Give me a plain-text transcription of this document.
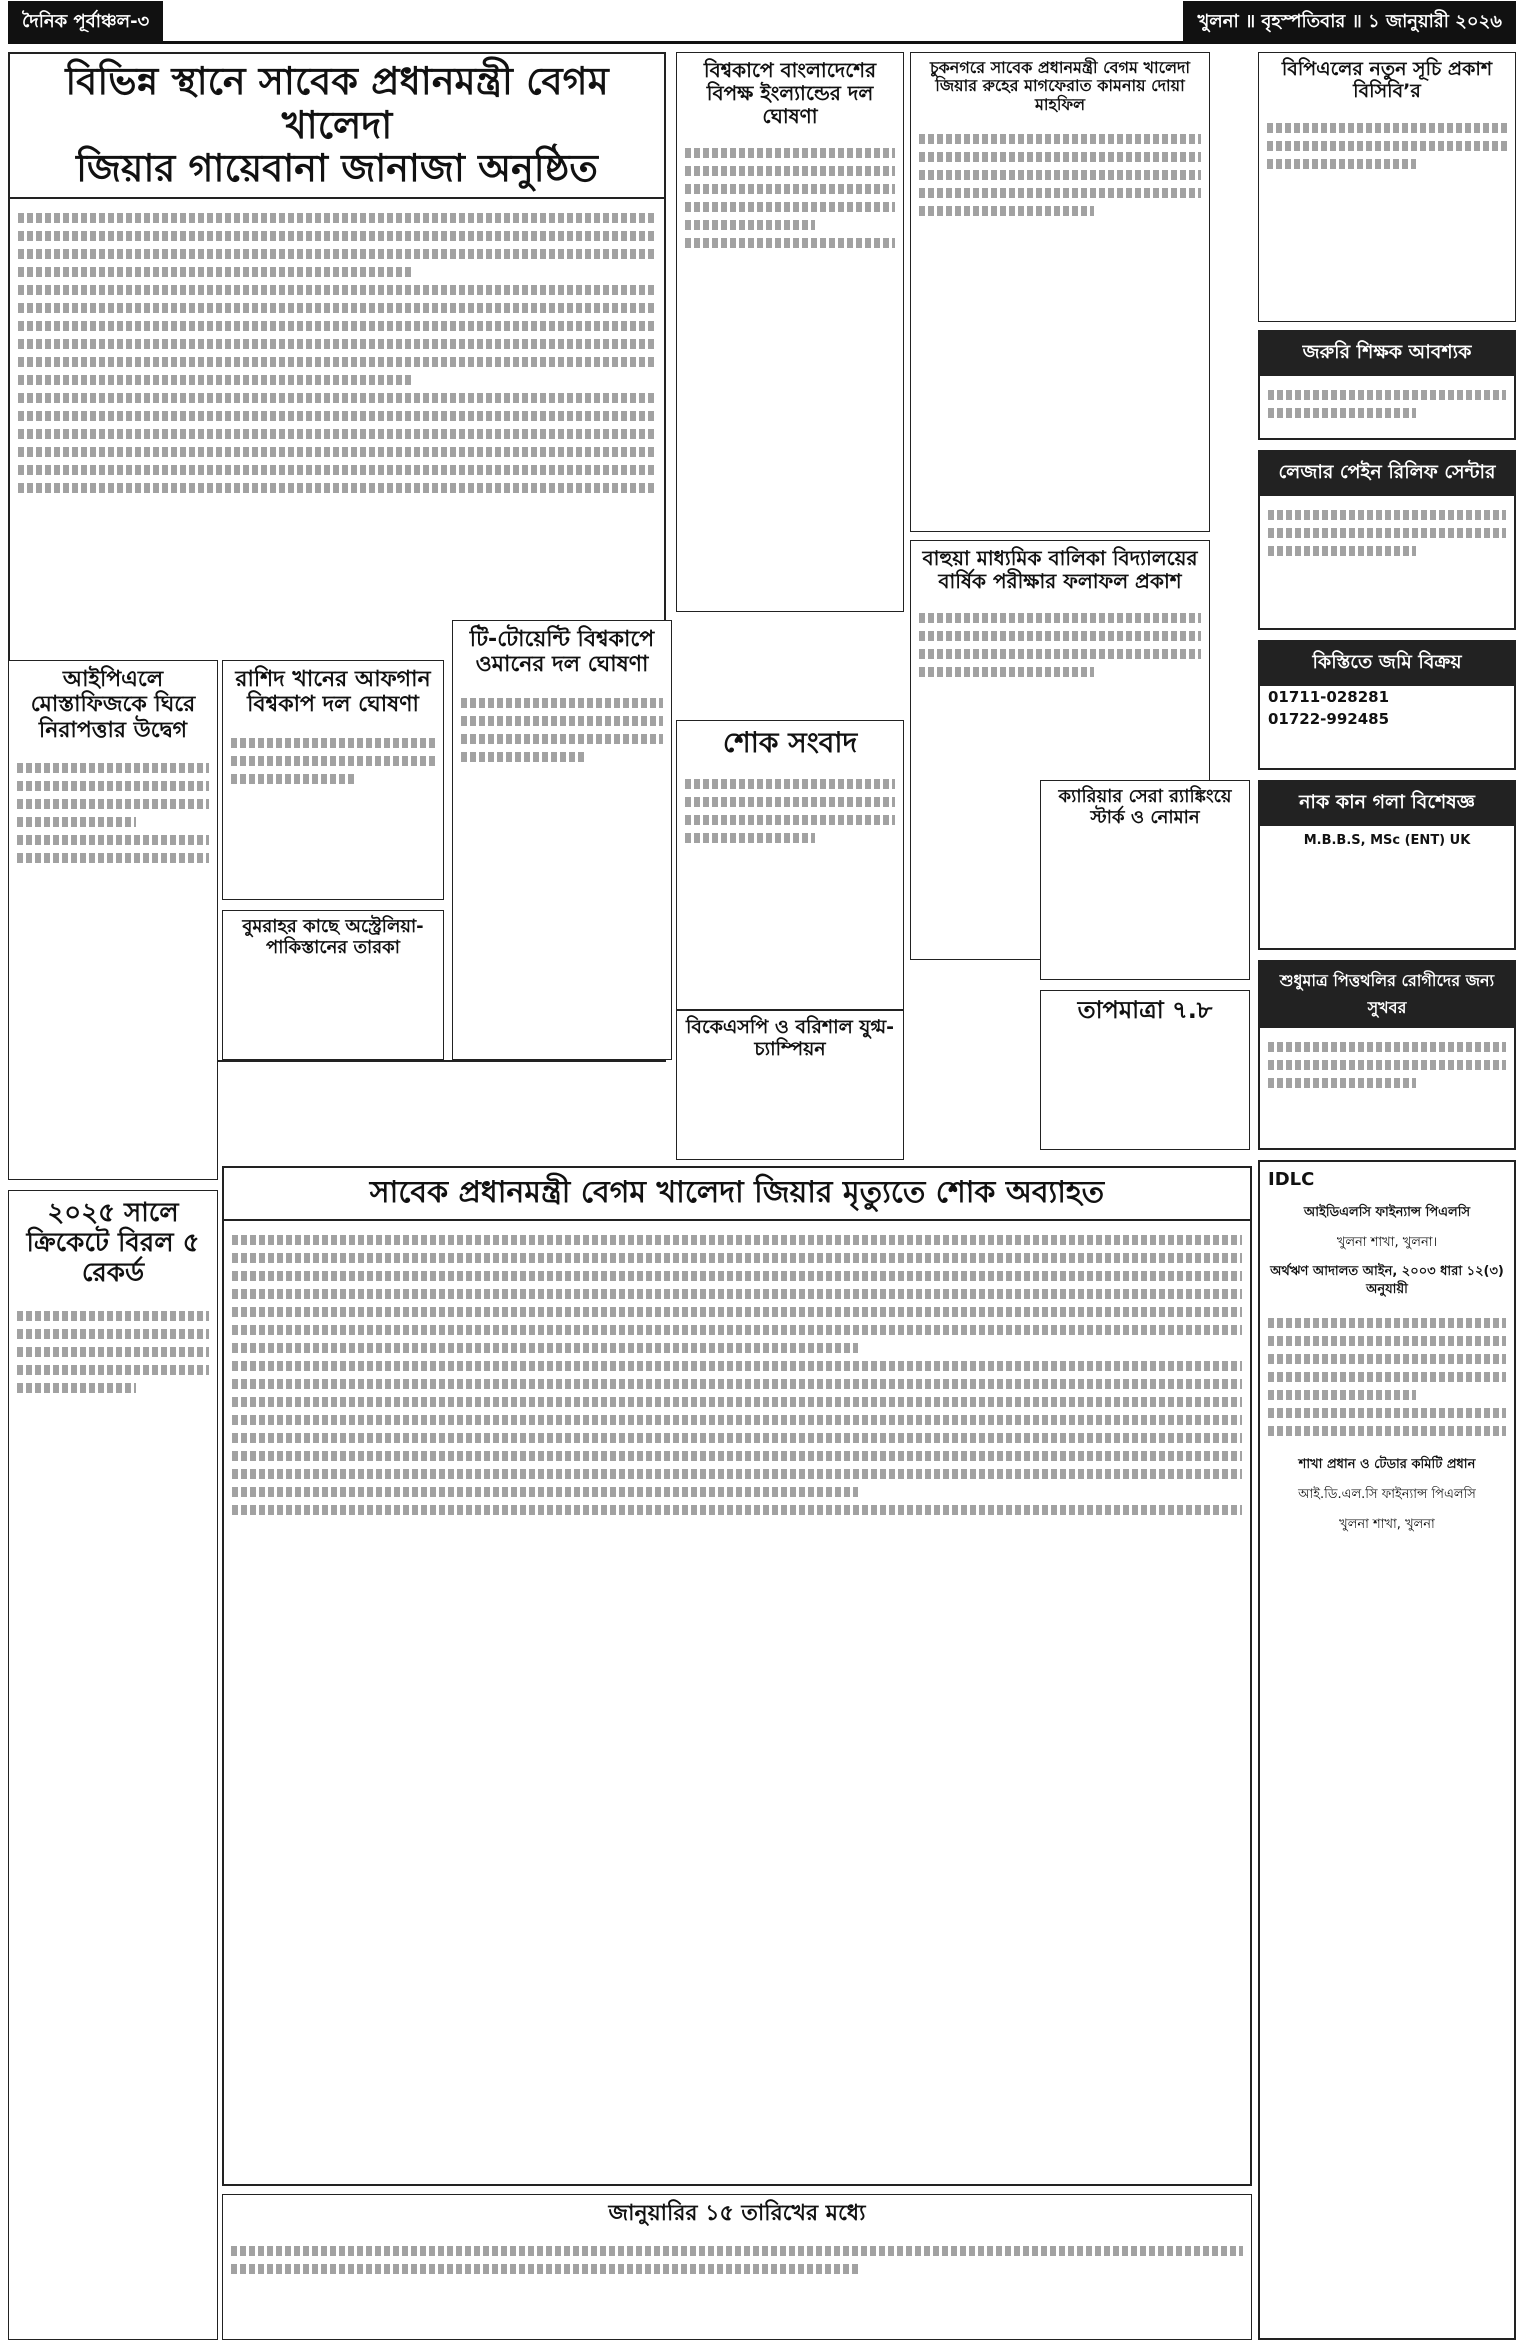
দৈনিক পূর্বাঞ্চল-৩	খুলনা ॥ বৃহস্পতিবার ॥ ১ জানুয়ারী ২০২৬
বিভিন্ন স্থানে সাবেক প্রধানমন্ত্রী বেগম খালেদা
জিয়ার গায়েবানা জানাজা অনুষ্ঠিত
আইপিএলে মোস্তাফিজকে ঘিরে নিরাপত্তার উদ্বেগ
রাশিদ খানের আফগান বিশ্বকাপ দল ঘোষণা
বুমরাহর কাছে অস্ট্রেলিয়া-পাকিস্তানের তারকা
বিশ্বকাপে বাংলাদেশের বিপক্ষ ইংল্যান্ডের দল ঘোষণা
টি-টোয়েন্টি বিশ্বকাপে ওমানের দল ঘোষণা
শোক সংবাদ
বিকেএসপি ও বরিশাল যুগ্ম-চ্যাম্পিয়ন
চুকনগরে সাবেক প্রধানমন্ত্রী বেগম খালেদা জিয়ার রুহের মাগফেরাত কামনায় দোয়া মাহফিল
বাহুয়া মাধ্যমিক বালিকা বিদ্যালয়ের বার্ষিক পরীক্ষার ফলাফল প্রকাশ
বিপিএলের নতুন সূচি প্রকাশ বিসিবি’র
জরুরি শিক্ষক আবশ্যক
লেজার পেইন রিলিফ সেন্টার
কিস্তিতে জমি বিক্রয়
01711-028281
01722-992485
নাক কান গলা বিশেষজ্ঞ
M.B.B.S, MSc (ENT) UK
শুধুমাত্র পিত্তথলির রোগীদের জন্য সুখবর
ক্যারিয়ার সেরা র‍্যাঙ্কিংয়ে স্টার্ক ও নোমান
তাপমাত্রা ৭.৮
সাবেক প্রধানমন্ত্রী বেগম খালেদা জিয়ার মৃত্যুতে শোক অব্যাহত
২০২৫ সালে ক্রিকেটে বিরল ৫ রেকর্ড
জানুয়ারির ১৫ তারিখের মধ্যে
IDLC
আইডিএলসি ফাইন্যান্স পিএলসি
খুলনা শাখা, খুলনা।
অর্থঋণ আদালত আইন, ২০০৩ ধারা ১২(৩) অনুযায়ী
শাখা প্রধান ও টেডার কমিটি প্রধান
আই.ডি.এল.সি ফাইন্যান্স পিএলসি
খুলনা শাখা, খুলনা
